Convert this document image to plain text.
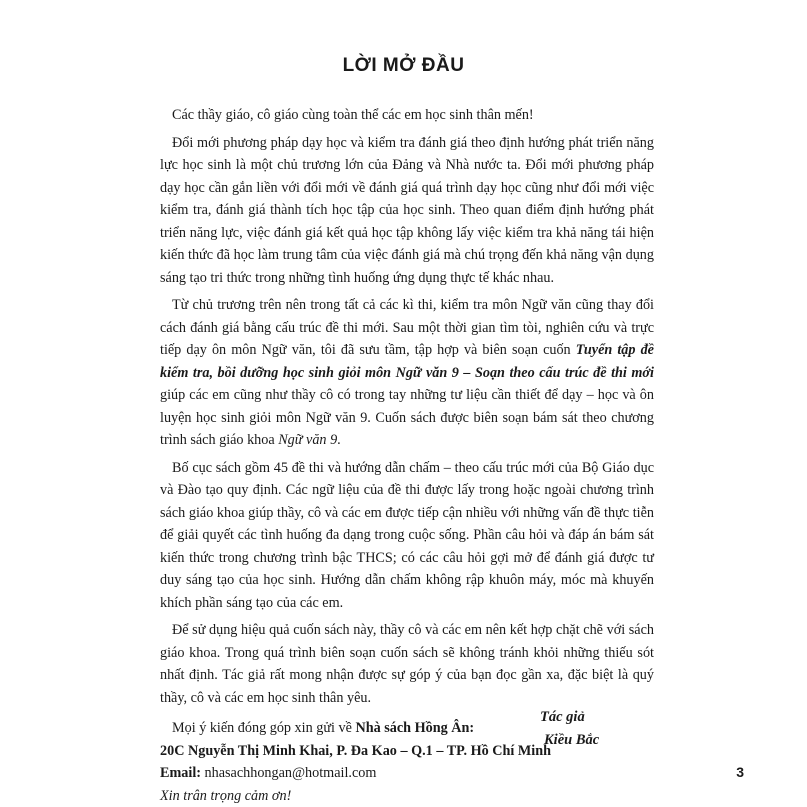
LỜI MỞ ĐẦU

Các thầy giáo, cô giáo cùng toàn thể các em học sinh thân mến!

Đổi mới phương pháp dạy học và kiểm tra đánh giá theo định hướng phát triển năng lực học sinh là một chủ trương lớn của Đảng và Nhà nước ta. Đổi mới phương pháp dạy học cần gắn liền với đổi mới về đánh giá quá trình dạy học cũng như đổi mới việc kiểm tra, đánh giá thành tích học tập của học sinh. Theo quan điểm định hướng phát triển năng lực, việc đánh giá kết quả học tập không lấy việc kiểm tra khả năng tái hiện kiến thức đã học làm trung tâm của việc đánh giá mà chú trọng đến khả năng vận dụng sáng tạo tri thức trong những tình huống ứng dụng thực tế khác nhau.

Từ chủ trương trên nên trong tất cả các kì thi, kiểm tra môn Ngữ văn cũng thay đổi cách đánh giá bằng cấu trúc đề thi mới. Sau một thời gian tìm tòi, nghiên cứu và trực tiếp dạy ôn môn Ngữ văn, tôi đã sưu tầm, tập hợp và biên soạn cuốn Tuyển tập đề kiểm tra, bồi dưỡng học sinh giỏi môn Ngữ văn 9 – Soạn theo cấu trúc đề thi mới giúp các em cũng như thầy cô có trong tay những tư liệu cần thiết để dạy – học và ôn luyện học sinh giỏi môn Ngữ văn 9. Cuốn sách được biên soạn bám sát theo chương trình sách giáo khoa Ngữ văn 9.

Bố cục sách gồm 45 đề thi và hướng dẫn chấm – theo cấu trúc mới của Bộ Giáo dục và Đào tạo quy định. Các ngữ liệu của đề thi được lấy trong hoặc ngoài chương trình sách giáo khoa giúp thầy, cô và các em được tiếp cận nhiều với những vấn đề thực tiễn để giải quyết các tình huống đa dạng trong cuộc sống. Phần câu hỏi và đáp án bám sát kiến thức trong chương trình bậc THCS; có các câu hỏi gợi mở để đánh giá được tư duy sáng tạo của học sinh. Hướng dẫn chấm không rập khuôn máy, móc mà khuyến khích phần sáng tạo của các em.

Để sử dụng hiệu quả cuốn sách này, thầy cô và các em nên kết hợp chặt chẽ với sách giáo khoa. Trong quá trình biên soạn cuốn sách sẽ không tránh khỏi những thiếu sót nhất định. Tác giả rất mong nhận được sự góp ý của bạn đọc gần xa, đặc biệt là quý thầy, cô và các em học sinh thân yêu.

Mọi ý kiến đóng góp xin gửi về Nhà sách Hồng Ân:
20C Nguyễn Thị Minh Khai, P. Đa Kao – Q.1 – TP. Hồ Chí Minh
Email: nhasachhongan@hotmail.com
Xin trân trọng cảm ơn!
Tác giả
Kiều Bắc
3
